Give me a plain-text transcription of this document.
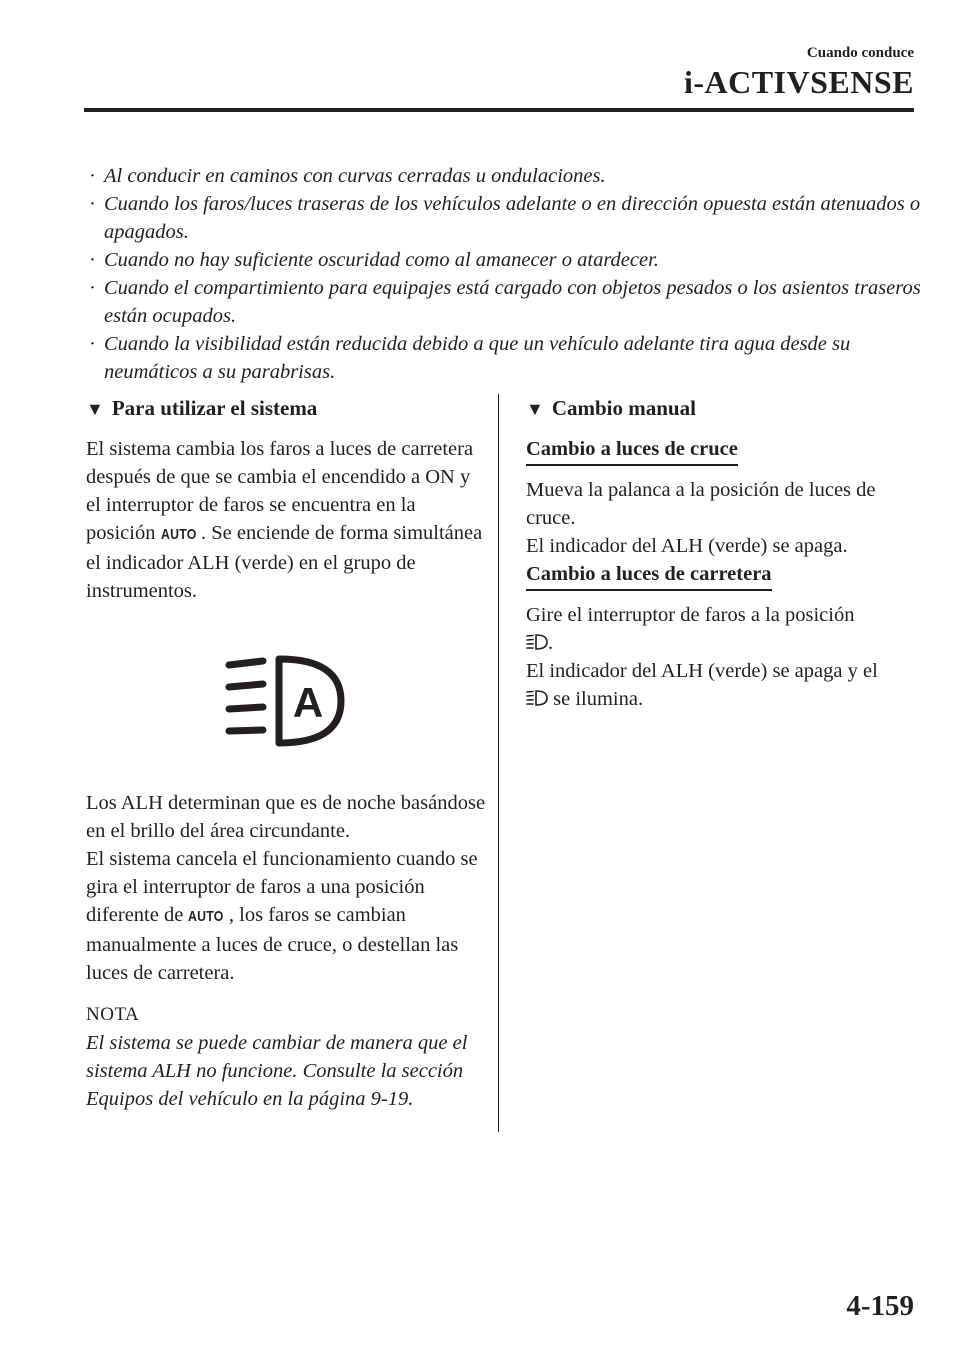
Cuando conduce
i-ACTIVSENSE
· Al conducir en caminos con curvas cerradas u ondulaciones.
· Cuando los faros/luces traseras de los vehículos adelante o en dirección opuesta están atenuados o apagados.
· Cuando no hay suficiente oscuridad como al amanecer o atardecer.
· Cuando el compartimiento para equipajes está cargado con objetos pesados o los asientos traseros están ocupados.
· Cuando la visibilidad están reducida debido a que un vehículo adelante tira agua desde su neumáticos a su parabrisas.
▼ Para utilizar el sistema

El sistema cambia los faros a luces de carretera después de que se cambia el encendido a ON y el interruptor de faros se encuentra en la posición AUTO . Se enciende de forma simultánea el indicador ALH (verde) en el grupo de instrumentos.

A

Los ALH determinan que es de noche basándose en el brillo del área circundante.

El sistema cancela el funcionamiento cuando se gira el interruptor de faros a una posición diferente de AUTO , los faros se cambian manualmente a luces de cruce, o destellan las luces de carretera.

NOTA

El sistema se puede cambiar de manera que el sistema ALH no funcione. Consulte la sección Equipos del vehículo en la página 9-19.

▼ Cambio manual
Cambio a luces de cruce

Mueva la palanca a la posición de luces de cruce.

El indicador del ALH (verde) se apaga.

Cambio a luces de carretera

Gire el interruptor de faros a la posición
.

El indicador del ALH (verde) se apaga y el
se ilumina.

4-159
